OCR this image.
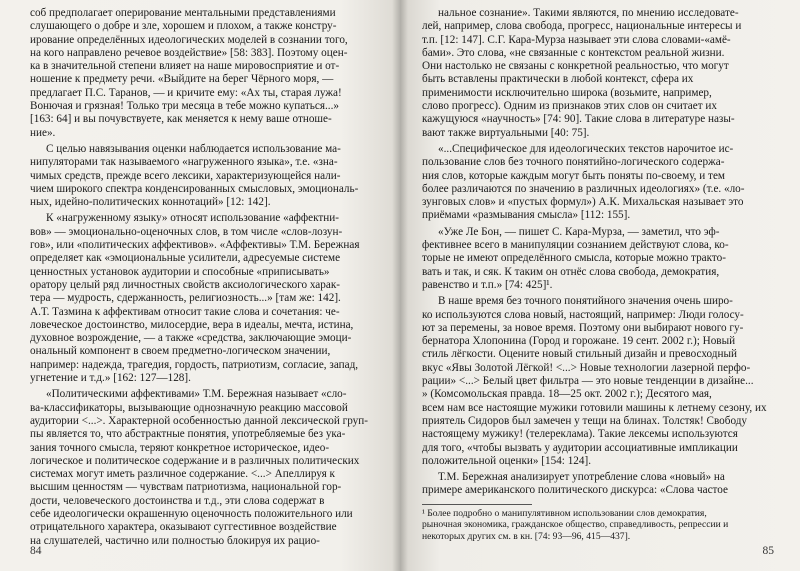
соб предполагает оперирование ментальными представлениями
слушающего о добре и зле, хорошем и плохом, а также констру-
ирование определённых идеологических моделей в сознании того,
на кого направлено речевое воздействие» [58: 383]. Поэтому оцен-
ка в значительной степени влияет на наше мировосприятие и от-
ношение к предмету речи. «Выйдите на берег Чёрного моря, —
предлагает П.С. Таранов, — и кричите ему: «Ах ты, старая лужа!
Вонючая и грязная! Только три месяца в тебе можно купаться...»
[163: 64] и вы почувствуете, как меняется к нему ваше отноше-
ние».
С целью навязывания оценки наблюдается использование ма-
нипуляторами так называемого «нагруженного языка», т.е. «зна-
чимых средств, прежде всего лексики, характеризующейся нали-
чием широкого спектра конденсированных смысловых, эмоциональ-
ных, идейно-политических коннотаций» [12: 142].
К «нагруженному языку» относят использование «аффектни-
вов» — эмоционально-оценочных слов, в том числе «слов-лозун-
гов», или «политических аффективов». «Аффективы» Т.М. Бережная
определяет как «эмоциональные усилители, адресуемые системе
ценностных установок аудитории и способные «приписывать»
оратору целый ряд личностных свойств аксиологического харак-
тера — мудрость, сдержанность, религиозность...» [там же: 142].
А.Т. Тазмина к аффективам относит такие слова и сочетания: че-
ловеческое достоинство, милосердие, вера в идеалы, мечта, истина,
духовное возрождение, — а также «средства, заключающие эмоци-
ональный компонент в своем предметно-логическом значении,
например: надежда, трагедия, гордость, патриотизм, согласие, запад,
угнетение и т.д.» [162: 127—128].
«Политическими аффективами» Т.М. Бережная называет «сло-
ва-классификаторы, вызывающие однозначную реакцию массовой
аудитории <...>. Характерной особенностью данной лексической груп-
пы является то, что абстрактные понятия, употребляемые без ука-
зания точного смысла, теряют конкретное историческое, идео-
логическое и политическое содержание и в различных политических
системах могут иметь различное содержание. <...> Апеллируя к
высшим ценностям — чувствам патриотизма, национальной гор-
дости, человеческого достоинства и т.д., эти слова содержат в
себе идеологически окрашенную оценочность положительного или
отрицательного характера, оказывают суггестивное воздействие
на слушателей, частично или полностью блокируя их рацио-
84
нальное сознание». Такими являются, по мнению исследовате-
лей, например, слова свобода, прогресс, национальные интересы и
т.п. [12: 147]. С.Г. Кара-Мурза называет эти слова словами-«амё-
бами». Это слова, «не связанные с контекстом реальной жизни.
Они настолько не связаны с конкретной реальностью, что могут
быть вставлены практически в любой контекст, сфера их
применимости исключительно широка (возьмите, например,
слово прогресс). Одним из признаков этих слов он считает их
кажущуюся «научность» [74: 90]. Такие слова в литературе назы-
вают также виртуальными [40: 75].
«...Специфическое для идеологических текстов нарочитое ис-
пользование слов без точного понятийно-логического содержа-
ния слов, которые каждым могут быть поняты по-своему, и тем
более различаются по значению в различных идеологиях» (т.е. «ло-
зунговых слов» и «пустых формул») А.К. Михальская называет это
приёмами «размывания смысла» [112: 155].
«Уже Ле Бон, — пишет С. Кара-Мурза, — заметил, что эф-
фективнее всего в манипуляции сознанием действуют слова, ко-
торые не имеют определённого смысла, которые можно тракто-
вать и так, и сяк. К таким он отнёс слова свобода, демократия,
равенство и т.п.» [74: 425]¹.
В наше время без точного понятийного значения очень широ-
ко используются слова новый, настоящий, например: Люди голосу-
ют за перемены, за новое время. Поэтому они выбирают нового гу-
бернатора Хлопонина (Город и горожане. 19 сент. 2002 г.); Новый
стиль лёгкости. Оцените новый стильный дизайн и превосходный
вкус «Явы Золотой Лёгкой! <...> Новые технологии лазерной перфо-
рации» <...> Белый цвет фильтра — это новые тенденции в дизайне...
» (Комсомольская правда. 18—25 окт. 2002 г.); Десятого мая,
всем нам все настоящие мужики готовили машины к летнему сезону, их
приятель Сидоров был замечен у тещи на блинах. Толстяк! Свободу
настоящему мужику! (телереклама). Такие лексемы используются
для того, «чтобы вызвать у аудитории ассоциативные импликации
положительной оценки» [154: 124].
Т.М. Бережная анализирует употребление слова «новый» на
примере американского политического дискурса: «Слова частое
¹ Более подробно о манипулятивном использовании слов демократия,
рыночная экономика, гражданское общество, справедливость, репрессии и
некоторых других см. в кн. [74: 93—96, 415—437].
85
